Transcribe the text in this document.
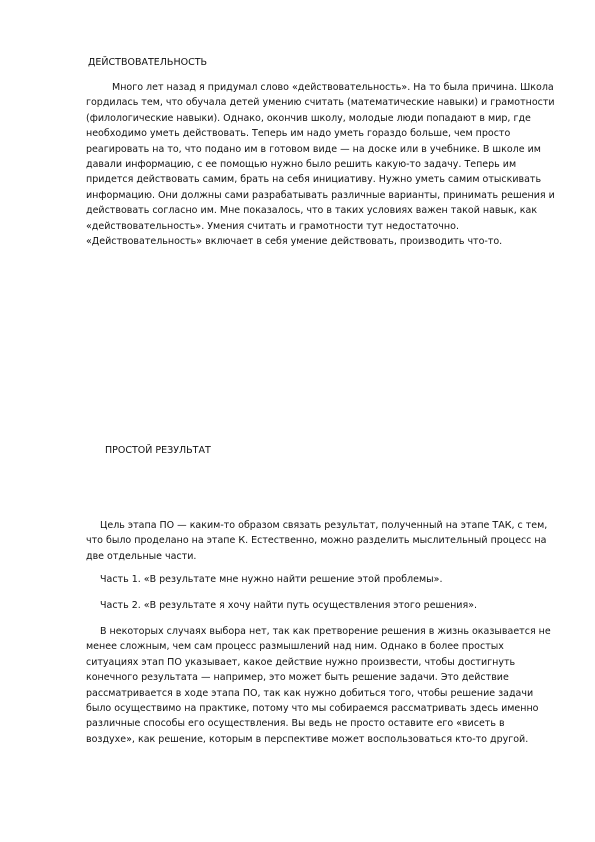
ДЕЙСТВОВАТЕЛЬНОСТЬ
Много лет назад я придумал слово «действовательность». На то была причина. Школа гордилась тем, что обучала детей умению считать (математические навыки) и грамотности (филологические навыки). Однако, окончив школу, молодые люди попадают в мир, где необходимо уметь действовать. Теперь им надо уметь гораздо больше, чем просто реагировать на то, что подано им в готовом виде — на доске или в учебнике. В школе им давали информацию, с ее помощью нужно было решить какую-то задачу. Теперь им придется действовать самим, брать на себя инициативу. Нужно уметь самим отыскивать информацию. Они должны сами разрабатывать различные варианты, принимать решения и действовать согласно им. Мне показалось, что в таких условиях важен такой навык, как «действовательность». Умения считать и грамотности тут недостаточно. «Действовательность» включает в себя умение действовать, производить что-то.
ПРОСТОЙ РЕЗУЛЬТАТ
Цель этапа ПО — каким-то образом связать результат, полученный на этапе ТАК, с тем, что было проделано на этапе К. Естественно, можно разделить мыслительный процесс на две отдельные части.
Часть 1. «В результате мне нужно найти решение этой проблемы».
Часть 2. «В результате я хочу найти путь осуществления этого решения».
В некоторых случаях выбора нет, так как претворение решения в жизнь оказывается не менее сложным, чем сам процесс размышлений над ним. Однако в более простых ситуациях этап ПО указывает, какое действие нужно произвести, чтобы достигнуть конечного результата — например, это может быть решение задачи. Это действие рассматривается в ходе этапа ПО, так как нужно добиться того, чтобы решение задачи было осуществимо на практике, потому что мы собираемся рассматривать здесь именно различные способы его осуществления. Вы ведь не просто оставите его «висеть в воздухе», как решение, которым в перспективе может воспользоваться кто-то другой.
